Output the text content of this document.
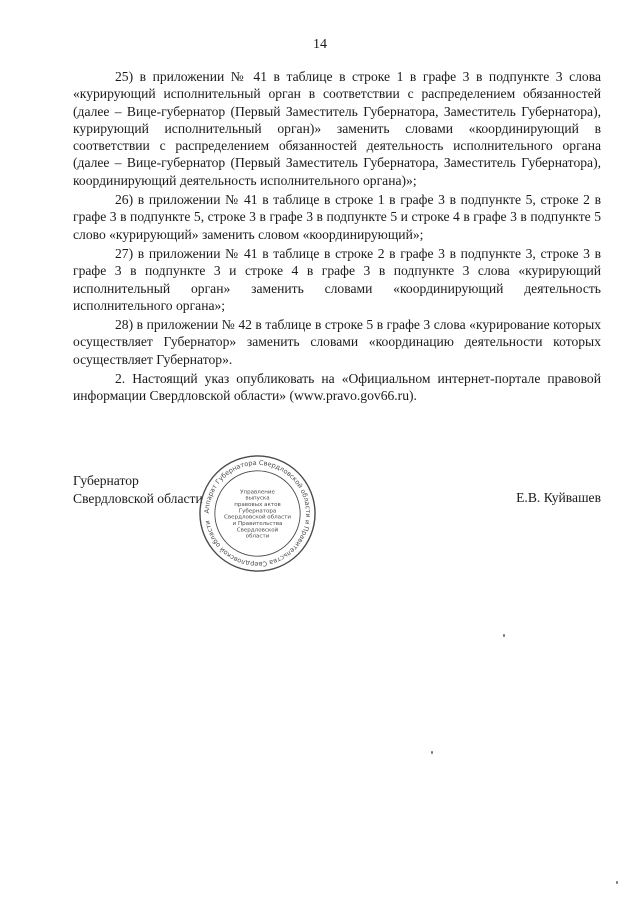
14

25) в приложении № 41 в таблице в строке 1 в графе 3 в подпункте 3 слова «курирующий исполнительный орган в соответствии с распределением обязанностей (далее – Вице-губернатор (Первый Заместитель Губернатора, Заместитель Губернатора), курирующий исполнительный орган)» заменить словами «координирующий в соответствии с распределением обязанностей деятельность исполнительного органа (далее – Вице-губернатор (Первый Заместитель Губернатора, Заместитель Губернатора), координирующий деятельность исполнительного органа)»;

26) в приложении № 41 в таблице в строке 1 в графе 3 в подпункте 5, строке 2 в графе 3 в подпункте 5, строке 3 в графе 3 в подпункте 5 и строке 4 в графе 3 в подпункте 5 слово «курирующий» заменить словом «координирующий»;

27) в приложении № 41 в таблице в строке 2 в графе 3 в подпункте 3, строке 3 в графе 3 в подпункте 3 и строке 4 в графе 3 в подпункте 3 слова «курирующий исполнительный орган» заменить словами «координирующий деятельность исполнительного органа»;

28) в приложении № 42 в таблице в строке 5 в графе 3 слова «курирование которых осуществляет Губернатор» заменить словами «координацию деятельности которых осуществляет Губернатор».

2. Настоящий указ опубликовать на «Официальном интернет-портале правовой информации Свердловской области» (www.pravo.gov66.ru).

Губернатор
Свердловской области	Е.В. Куйвашев
Аппарат Губернатора Свердловской области и Правительства Свердловской области
Управление
выпуска
правовых актов
Губернатора
Свердловской области
и Правительства
Свердловской
области
